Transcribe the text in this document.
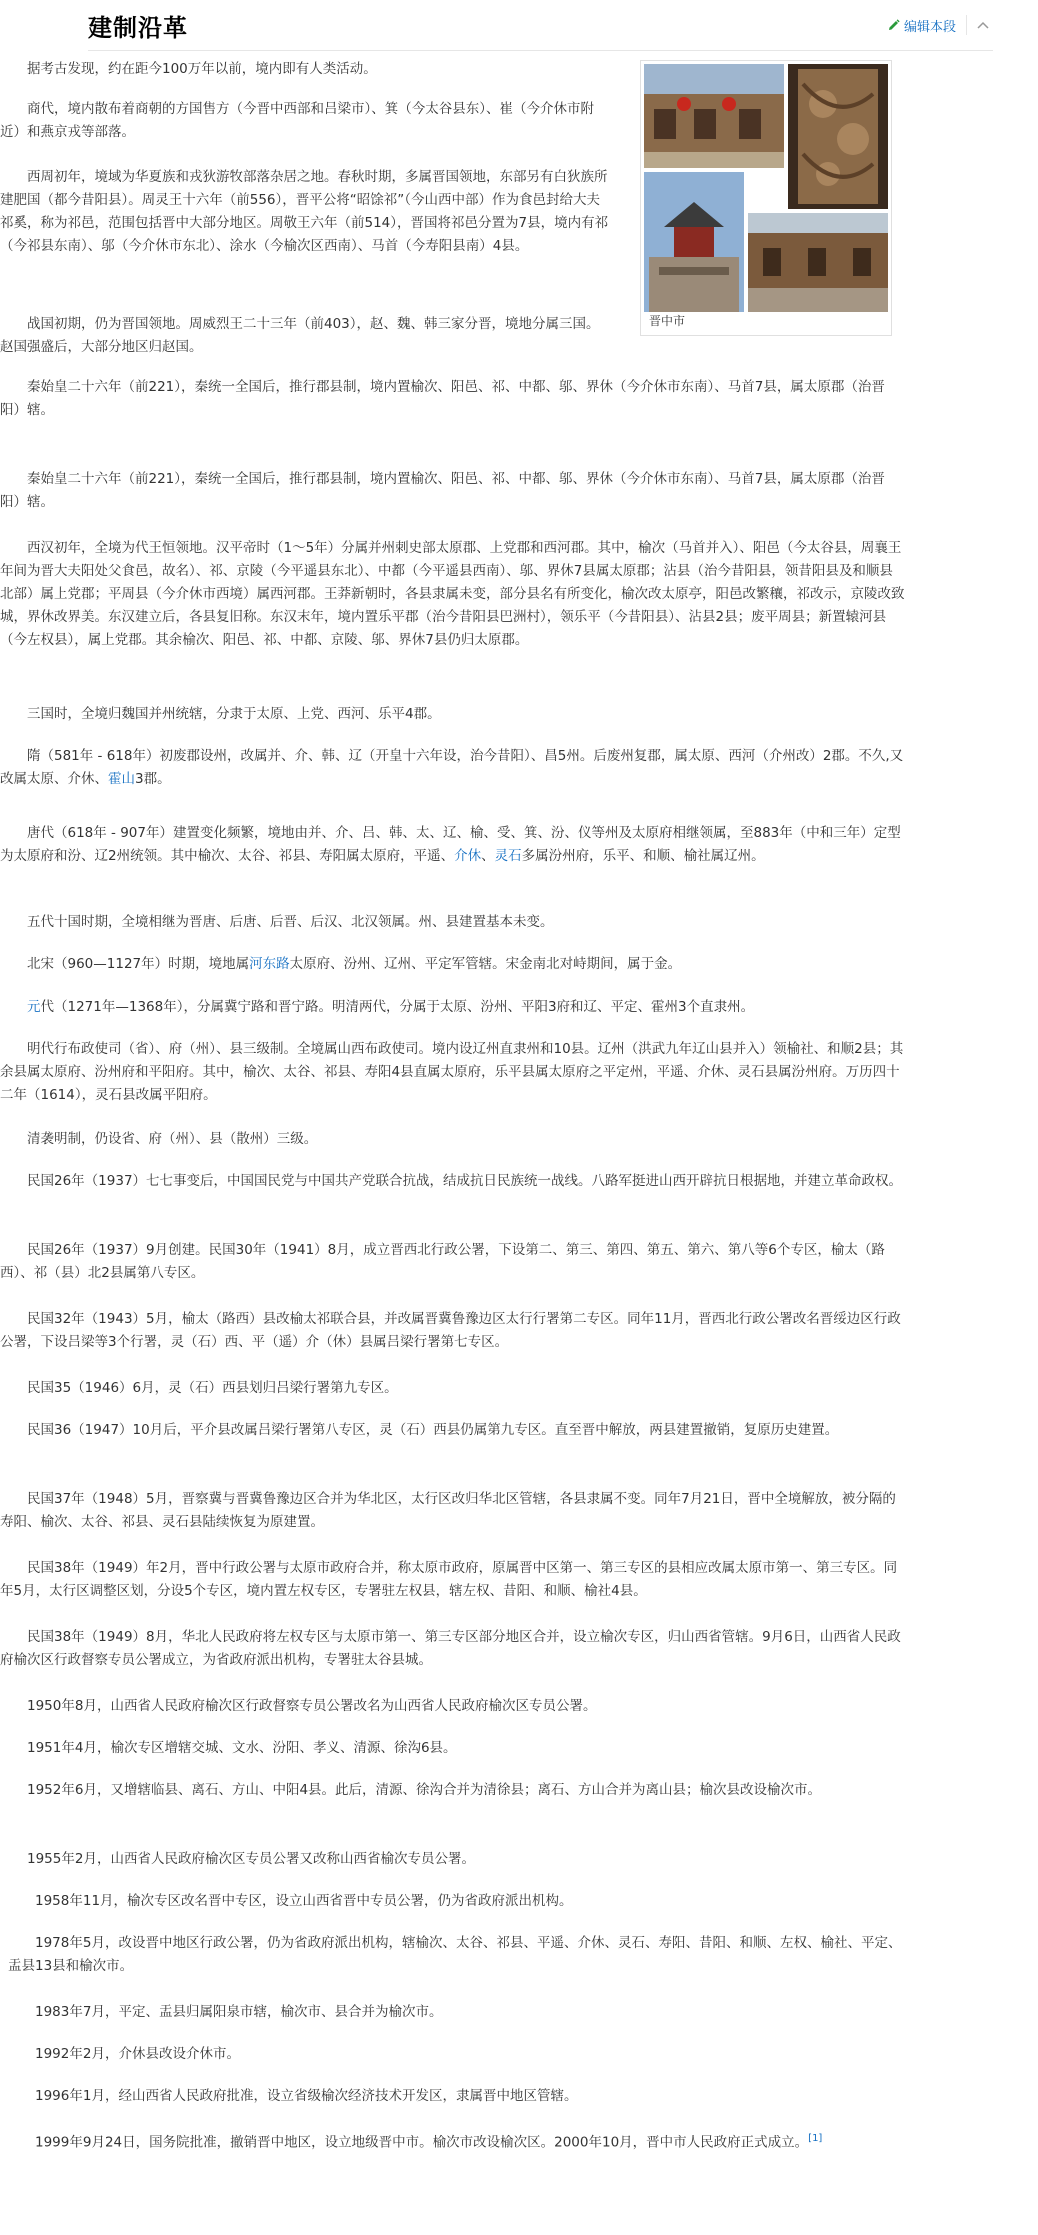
建制沿革	编辑本段
晋中市

据考古发现，约在距今100万年以前，境内即有人类活动。

商代，境内散布着商朝的方国售方（今晋中西部和吕梁市）、箕（今太谷县东）、崔（今介休市附近）和燕京戎等部落。

西周初年，境域为华夏族和戎狄游牧部落杂居之地。春秋时期，多属晋国领地，东部另有白狄族所建肥国（都今昔阳县）。周灵王十六年（前556），晋平公将“昭馀祁”（今山西中部）作为食邑封给大夫祁奚，称为祁邑，范围包括晋中大部分地区。周敬王六年（前514），晋国将祁邑分置为7县，境内有祁（今祁县东南）、邬（今介休市东北）、涂水（今榆次区西南）、马首（今寿阳县南）4县。

战国初期，仍为晋国领地。周威烈王二十三年（前403），赵、魏、韩三家分晋，境地分属三国。赵国强盛后，大部分地区归赵国。

秦始皇二十六年（前221），秦统一全国后，推行郡县制，境内置榆次、阳邑、祁、中都、邬、界休（今介休市东南）、马首7县，属太原郡（治晋阳）辖。

秦始皇二十六年（前221），秦统一全国后，推行郡县制，境内置榆次、阳邑、祁、中都、邬、界休（今介休市东南）、马首7县，属太原郡（治晋阳）辖。

西汉初年，全境为代王恒领地。汉平帝时（1～5年）分属并州刺史部太原郡、上党郡和西河郡。其中，榆次（马首并入）、阳邑（今太谷县，周襄王年间为晋大夫阳处父食邑，故名）、祁、京陵（今平遥县东北）、中都（今平遥县西南）、邬、界休7县属太原郡；沾县（治今昔阳县，领昔阳县及和顺县北部）属上党郡；平周县（今介休市西境）属西河郡。王莽新朝时，各县隶属未变，部分县名有所变化，榆次改太原亭，阳邑改繁穰，祁改示，京陵改致城，界休改界美。东汉建立后，各县复旧称。东汉末年，境内置乐平郡（治今昔阳县巴洲村），领乐平（今昔阳县）、沾县2县；废平周县；新置辕河县（今左权县），属上党郡。其余榆次、阳邑、祁、中都、京陵、邬、界休7县仍归太原郡。

三国时，全境归魏国并州统辖，分隶于太原、上党、西河、乐平4郡。

隋（581年 - 618年）初废郡设州，改属并、介、韩、辽（开皇十六年设，治今昔阳）、昌5州。后废州复郡，属太原、西河（介州改）2郡。不久,又改属太原、介休、霍山3郡。

唐代（618年 - 907年）建置变化频繁，境地由并、介、吕、韩、太、辽、榆、受、箕、汾、仪等州及太原府相继领属，至883年（中和三年）定型为太原府和汾、辽2州统领。其中榆次、太谷、祁县、寿阳属太原府，平遥、介休、灵石多属汾州府，乐平、和顺、榆社属辽州。

五代十国时期，全境相继为晋唐、后唐、后晋、后汉、北汉领属。州、县建置基本未变。

北宋（960—1127年）时期，境地属河东路太原府、汾州、辽州、平定军管辖。宋金南北对峙期间，属于金。

元代（1271年—1368年），分属冀宁路和晋宁路。明清两代，分属于太原、汾州、平阳3府和辽、平定、霍州3个直隶州。

明代行布政使司（省）、府（州）、县三级制。全境属山西布政使司。境内设辽州直隶州和10县。辽州（洪武九年辽山县并入）领榆社、和顺2县；其余县属太原府、汾州府和平阳府。其中，榆次、太谷、祁县、寿阳4县直属太原府，乐平县属太原府之平定州，平遥、介休、灵石县属汾州府。万历四十二年（1614），灵石县改属平阳府。

清袭明制，仍设省、府（州）、县（散州）三级。

民国26年（1937）七七事变后，中国国民党与中国共产党联合抗战，结成抗日民族统一战线。八路军挺进山西开辟抗日根据地，并建立革命政权。

民国26年（1937）9月创建。民国30年（1941）8月，成立晋西北行政公署，下设第二、第三、第四、第五、第六、第八等6个专区，榆太（路西）、祁（县）北2县属第八专区。

民国32年（1943）5月，榆太（路西）县改榆太祁联合县，并改属晋冀鲁豫边区太行行署第二专区。同年11月，晋西北行政公署改名晋绥边区行政公署，下设吕梁等3个行署，灵（石）西、平（遥）介（休）县属吕梁行署第七专区。

民国35（1946）6月，灵（石）西县划归吕梁行署第九专区。

民国36（1947）10月后，平介县改属吕梁行署第八专区，灵（石）西县仍属第九专区。直至晋中解放，两县建置撤销，复原历史建置。

民国37年（1948）5月，晋察冀与晋冀鲁豫边区合并为华北区，太行区改归华北区管辖，各县隶属不变。同年7月21日，晋中全境解放，被分隔的寿阳、榆次、太谷、祁县、灵石县陆续恢复为原建置。

民国38年（1949）年2月，晋中行政公署与太原市政府合并，称太原市政府，原属晋中区第一、第三专区的县相应改属太原市第一、第三专区。同年5月，太行区调整区划，分设5个专区，境内置左权专区，专署驻左权县，辖左权、昔阳、和顺、榆社4县。

民国38年（1949）8月，华北人民政府将左权专区与太原市第一、第三专区部分地区合并，设立榆次专区，归山西省管辖。9月6日，山西省人民政府榆次区行政督察专员公署成立，为省政府派出机构，专署驻太谷县城。

1950年8月，山西省人民政府榆次区行政督察专员公署改名为山西省人民政府榆次区专员公署。

1951年4月，榆次专区增辖交城、文水、汾阳、孝义、清源、徐沟6县。

1952年6月，又增辖临县、离石、方山、中阳4县。此后，清源、徐沟合并为清徐县；离石、方山合并为离山县；榆次县改设榆次市。

1955年2月，山西省人民政府榆次区专员公署又改称山西省榆次专员公署。

1958年11月，榆次专区改名晋中专区，设立山西省晋中专员公署，仍为省政府派出机构。

1978年5月，改设晋中地区行政公署，仍为省政府派出机构，辖榆次、太谷、祁县、平遥、介休、灵石、寿阳、昔阳、和顺、左权、榆社、平定、盂县13县和榆次市。

1983年7月，平定、盂县归属阳泉市辖，榆次市、县合并为榆次市。

1992年2月，介休县改设介休市。

1996年1月，经山西省人民政府批准，设立省级榆次经济技术开发区，隶属晋中地区管辖。

1999年9月24日，国务院批准，撤销晋中地区，设立地级晋中市。榆次市改设榆次区。2000年10月，晋中市人民政府正式成立。[1]
